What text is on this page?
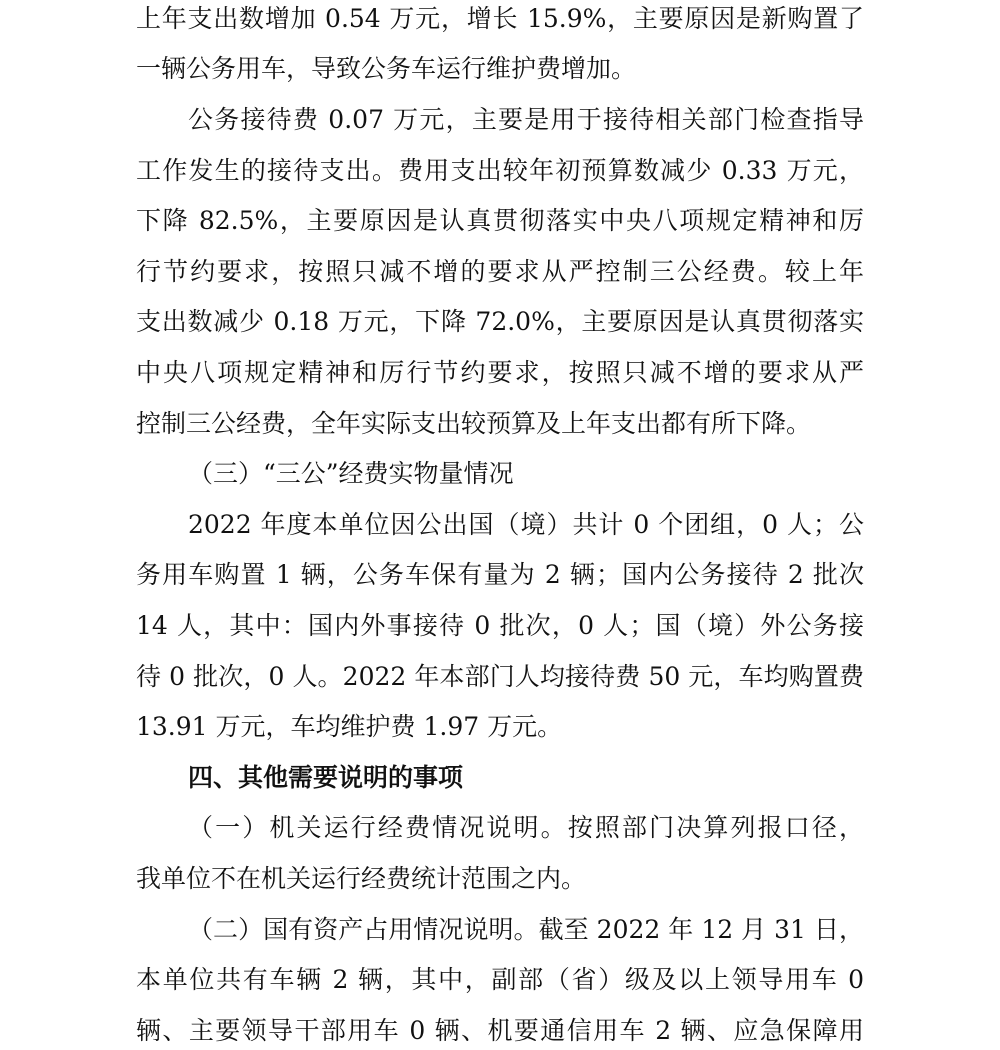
上年支出数增加 0.54 万元，增长 15.9%，主要原因是新购置了
一辆公务用车，导致公务车运行维护费增加。
公务接待费 0.07 万元，主要是用于接待相关部门检查指导
工作发生的接待支出。费用支出较年初预算数减少 0.33 万元，
下降 82.5%，主要原因是认真贯彻落实中央八项规定精神和厉
行节约要求，按照只减不增的要求从严控制三公经费。较上年
支出数减少 0.18 万元，下降 72.0%，主要原因是认真贯彻落实
中央八项规定精神和厉行节约要求，按照只减不增的要求从严
控制三公经费，全年实际支出较预算及上年支出都有所下降。
（三）“三公”经费实物量情况
2022 年度本单位因公出国（境）共计 0 个团组，0 人；公
务用车购置 1 辆，公务车保有量为 2 辆；国内公务接待 2 批次
14 人，其中：国内外事接待 0 批次，0 人；国（境）外公务接
待 0 批次，0 人。2022 年本部门人均接待费 50 元，车均购置费
13.91 万元，车均维护费 1.97 万元。
四、其他需要说明的事项
（一）机关运行经费情况说明。按照部门决算列报口径，
我单位不在机关运行经费统计范围之内。
（二）国有资产占用情况说明。截至 2022 年 12 月 31 日，
本单位共有车辆 2 辆，其中，副部（省）级及以上领导用车 0
辆、主要领导干部用车 0 辆、机要通信用车 2 辆、应急保障用
